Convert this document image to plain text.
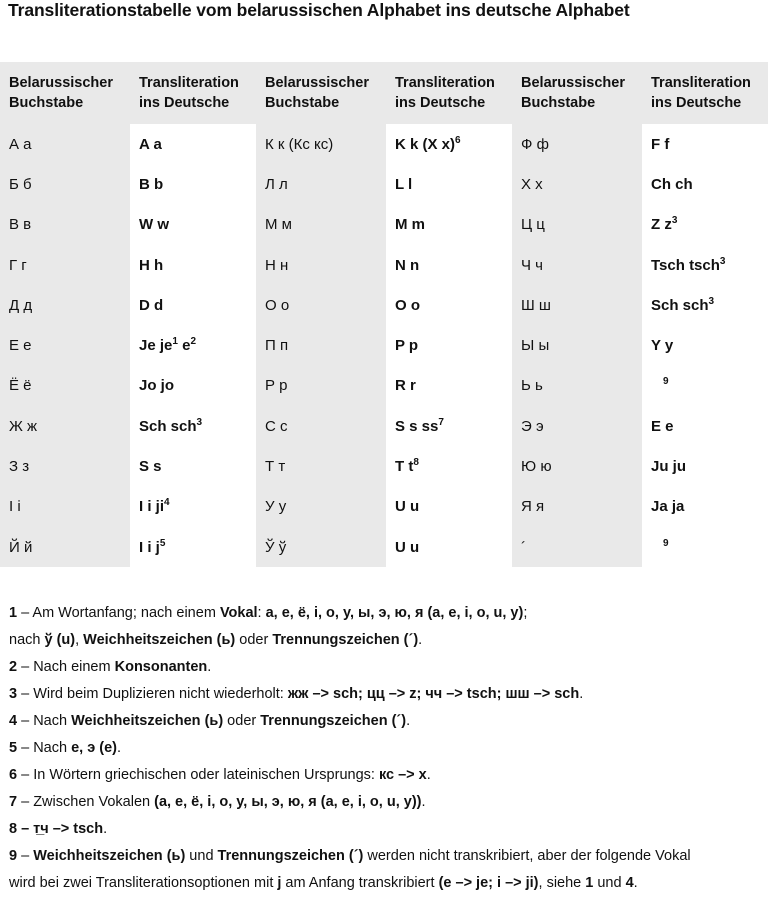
Transliterationstabelle vom belarussischen Alphabet ins deutsche Alphabet
Belarussischer Buchstabe	Transliteration ins Deutsche	Belarussischer Buchstabe	Transliteration ins Deutsche	Belarussischer Buchstabe	Transliteration ins Deutsche
А а	A a	К к (Кс кс)	K k (X x)$^6$	Ф ф	F f
Б б	B b	Л л	L l	Х х	Ch ch
В в	W w	М м	M m	Ц ц	Z $z^3$
Г г	H h	Н н	N n	Ч ч	Tsch tsch$^3$
Д д	D d	О о	O o	Ш ш	Sch sch$^3$
Е е	Je $je^1$ $e^2$	П п	P p	Ы ы	Y y
Ё ё	Jo jo	Р р	R r	Ь ь	$^9$
Ж ж	Sch sch$^3$	С с	S s $ss^7$	Э э	E e
З з	S s	Т т	T $t^8$	Ю ю	Ju ju
І і	I i $ji^4$	У у	U u	Я я	Ja ja
Й й	I i $j^5$	Ў ў	U u	´	$^9$

1 – Am Wortanfang; nach einem Vokal: а, е, ё, і, о, у, ы, э, ю, я (a, e, i, o, u, y);

nach ў (u), Weichheitszeichen (ь) oder Trennungszeichen (´).

2 – Nach einem Konsonanten.

3 – Wird beim Duplizieren nicht wiederholt: жж –> sch; цц –> z; чч –> tsch; шш –> sch.

4 – Nach Weichheitszeichen (ь) oder Trennungszeichen (´).

5 – Nach е, э (e).

6 – In Wörtern griechischen oder lateinischen Ursprungs: кс –> x.

7 – Zwischen Vokalen (а, е, ё, і, о, у, ы, э, ю, я (a, e, i, o, u, y)).

8 – т̲ч –> tsch.

9 – Weichheitszeichen (ь) und Trennungszeichen (´) werden nicht transkribiert, aber der folgende Vokal

wird bei zwei Transliterationsoptionen mit j am Anfang transkribiert (е –> je; і –> ji), siehe 1 und 4.
